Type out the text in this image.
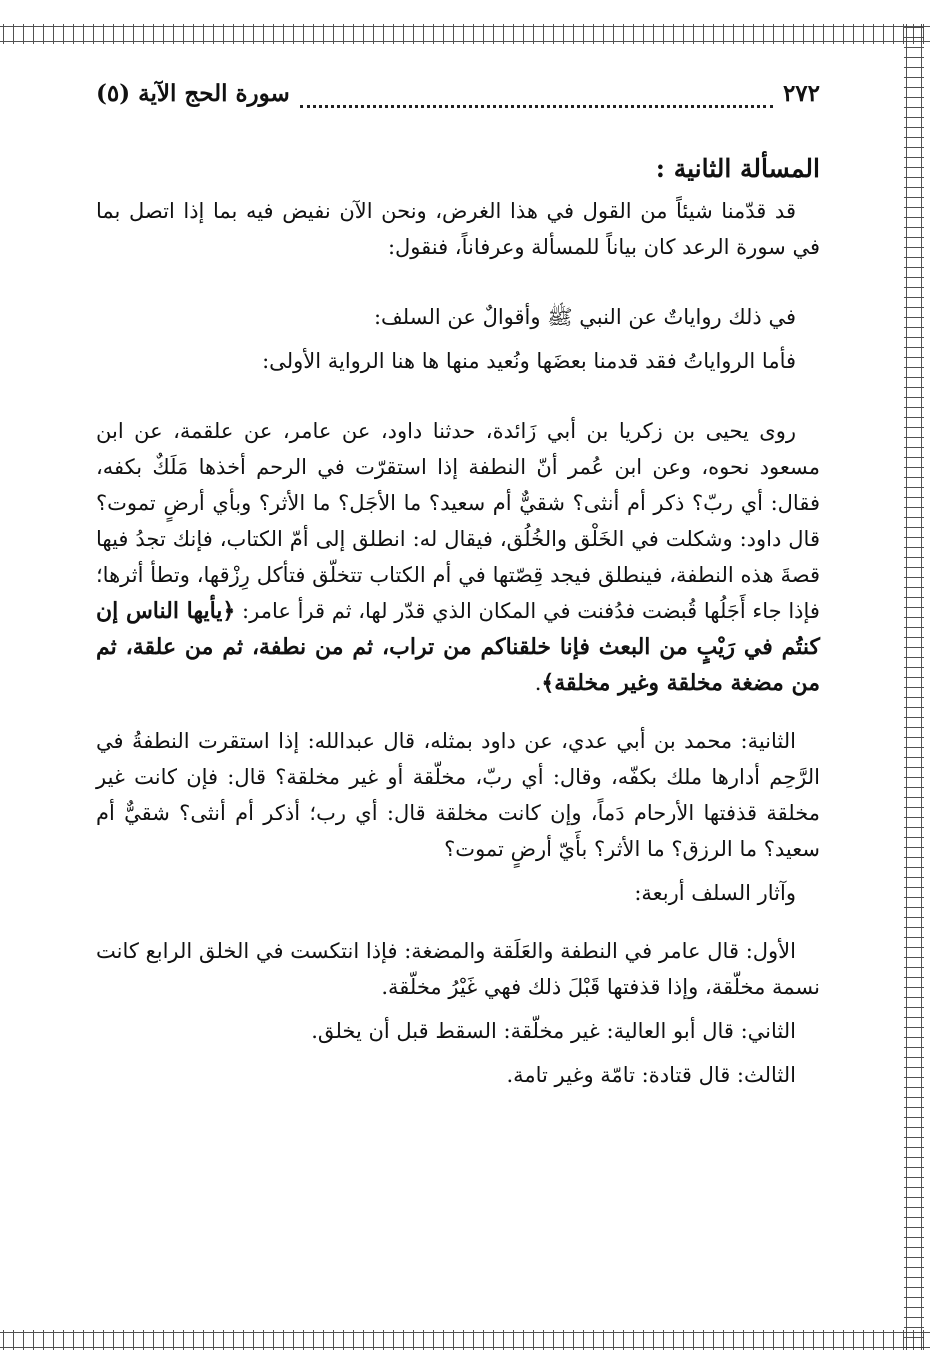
٢٧٢
سورة الحج الآية (٥)
المسألة الثانية :

قد قدّمنا شيئاً من القول في هذا الغرض، ونحن الآن نفيض فيه بما إذا اتصل بما في سورة الرعد كان بياناً للمسألة وعرفاناً، فنقول:

في ذلك رواياتٌ عن النبي ﷺ وأقوالٌ عن السلف:

فأما الرواياتُ فقد قدمنا بعضَها ونُعيد منها ها هنا الرواية الأولى:

روى يحيى بن زكريا بن أبي زَائدة، حدثنا داود، عن عامر، عن علقمة، عن ابن مسعود نحوه، وعن ابن عُمر أنّ النطفة إذا استقرّت في الرحم أخذها مَلَكٌ بكفه، فقال: أي ربّ؟ ذكر أم أنثى؟ شقيٌّ أم سعيد؟ ما الأجَل؟ ما الأثر؟ وبأي أرضٍ تموت؟ قال داود: وشكلت في الخَلْق والخُلُق، فيقال له: انطلق إلى أمّ الكتاب، فإنك تجدُ فيها قصةَ هذه النطفة، فينطلق فيجد قِصّتها في أم الكتاب تتخلّق فتأكل رِزْقها، وتطأ أثرها؛ فإذا جاء أَجَلُها قُبضت فدُفنت في المكان الذي قدّر لها، ثم قرأ عامر: ﴿يأيها الناس إن كنتُم في رَيْبٍ من البعث فإنا خلقناكم من تراب، ثم من نطفة، ثم من علقة، ثم من مضغة مخلقة وغير مخلقة﴾.

الثانية: محمد بن أبي عدي، عن داود بمثله، قال عبدالله: إذا استقرت النطفةُ في الرَّحِم أدارها ملك بكفّه، وقال: أي ربّ، مخلّقة أو غير مخلقة؟ قال: فإن كانت غير مخلقة قذفتها الأرحام دَماً، وإن كانت مخلقة قال: أي رب؛ أذكر أم أنثى؟ شقيٌّ أم سعيد؟ ما الرزق؟ ما الأثر؟ بأَيّ أرضٍ تموت؟

وآثار السلف أربعة:

الأول: قال عامر في النطفة والعَلَقة والمضغة: فإذا انتكست في الخلق الرابع كانت نسمة مخلّقة، وإذا قذفتها قَبْلَ ذلك فهي غَيْرُ مخلّقة.

الثاني: قال أبو العالية: غير مخلّقة: السقط قبل أن يخلق.

الثالث: قال قتادة: تامّة وغير تامة.
